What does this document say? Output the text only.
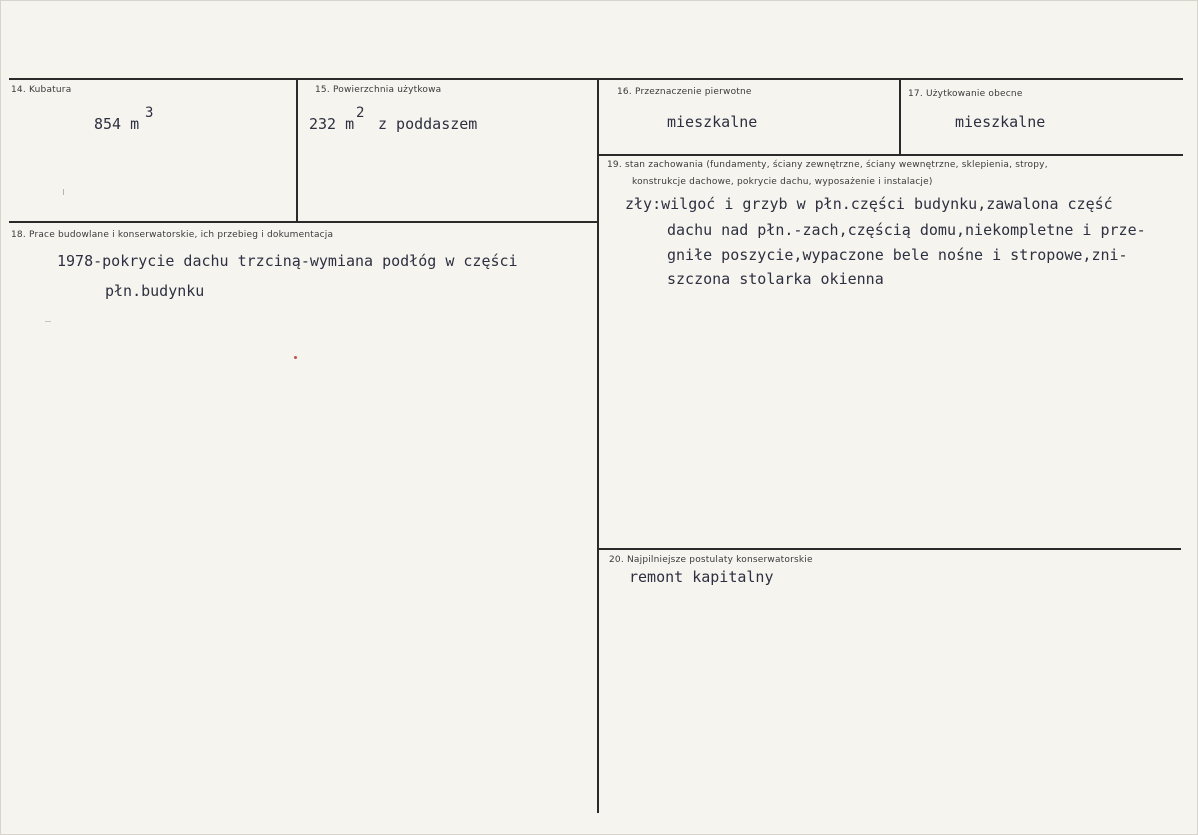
14. Kubatura
854 m
3
15. Powierzchnia użytkowa
232 m
2
z poddaszem
16. Przeznaczenie pierwotne
mieszkalne
17. Użytkowanie obecne
mieszkalne
19. stan zachowania (fundamenty, ściany zewnętrzne, ściany wewnętrzne, sklepienia, stropy,
konstrukcje dachowe, pokrycie dachu, wyposażenie i instalacje)
zły:wilgoć i grzyb w płn.części budynku,zawalona część
dachu nad płn.-zach,częścią domu,niekompletne i prze-
gniłe poszycie,wypaczone bele nośne i stropowe,zni-
szczona stolarka okienna
18. Prace budowlane i konserwatorskie, ich przebieg i dokumentacja
1978-pokrycie dachu trzciną-wymiana podłóg w części
płn.budynku
20. Najpilniejsze postulaty konserwatorskie
remont kapitalny
